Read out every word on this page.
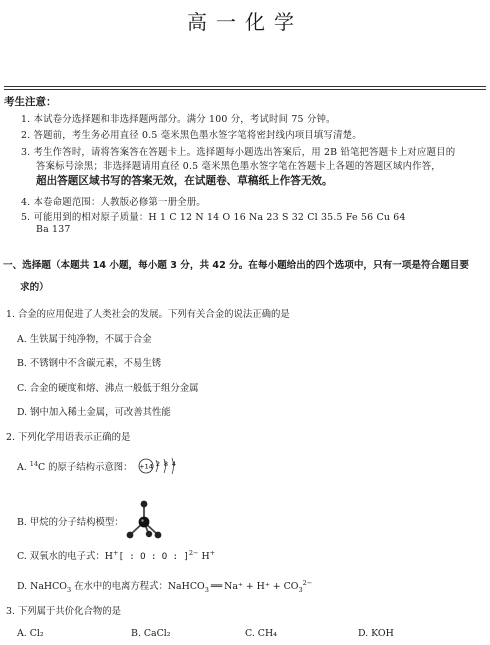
高一化学
考生注意：
1. 本试卷分选择题和非选择题两部分。满分 100 分，考试时间 75 分钟。
2. 答题前，考生务必用直径 0.5 毫米黑色墨水签字笔将密封线内项目填写清楚。
3. 考生作答时，请将答案答在答题卡上。选择题每小题选出答案后，用 2B 铅笔把答题卡上对应题目的
答案标号涂黑；非选择题请用直径 0.5 毫米黑色墨水签字笔在答题卡上各题的答题区域内作答，
超出答题区域书写的答案无效，在试题卷、草稿纸上作答无效。
4. 本卷命题范围：人教版必修第一册全册。
5. 可能用到的相对原子质量：H 1 C 12 N 14 O 16 Na 23 S 32 Cl 35.5 Fe 56 Cu 64
Ba 137
一、选择题（本题共 14 小题，每小题 3 分，共 42 分。在每小题给出的四个选项中，只有一项是符合题目要
求的）
1. 合金的应用促进了人类社会的发展。下列有关合金的说法正确的是
A. 生铁属于纯净物，不属于合金
B. 不锈钢中不含碳元素，不易生锈
C. 合金的硬度和熔、沸点一般低于组分金属
D. 钢中加入稀土金属，可改善其性能
2. 下列化学用语表示正确的是
A. $^{14}$C 的原子结构示意图： +14 2 8 4
B. 甲烷的分子结构模型：
C. 双氧水的电子式：H+[ : O : O : ]$^{2-}$ H+
D. NaHCO$_3$ 在水中的电离方程式：NaHCO$_3$ ══ $Na^+ + H^+ + CO_3^{2-}$
3. 下列属于共价化合物的是
A. Cl₂	B. CaCl₂	C. CH₄	D. KOH
